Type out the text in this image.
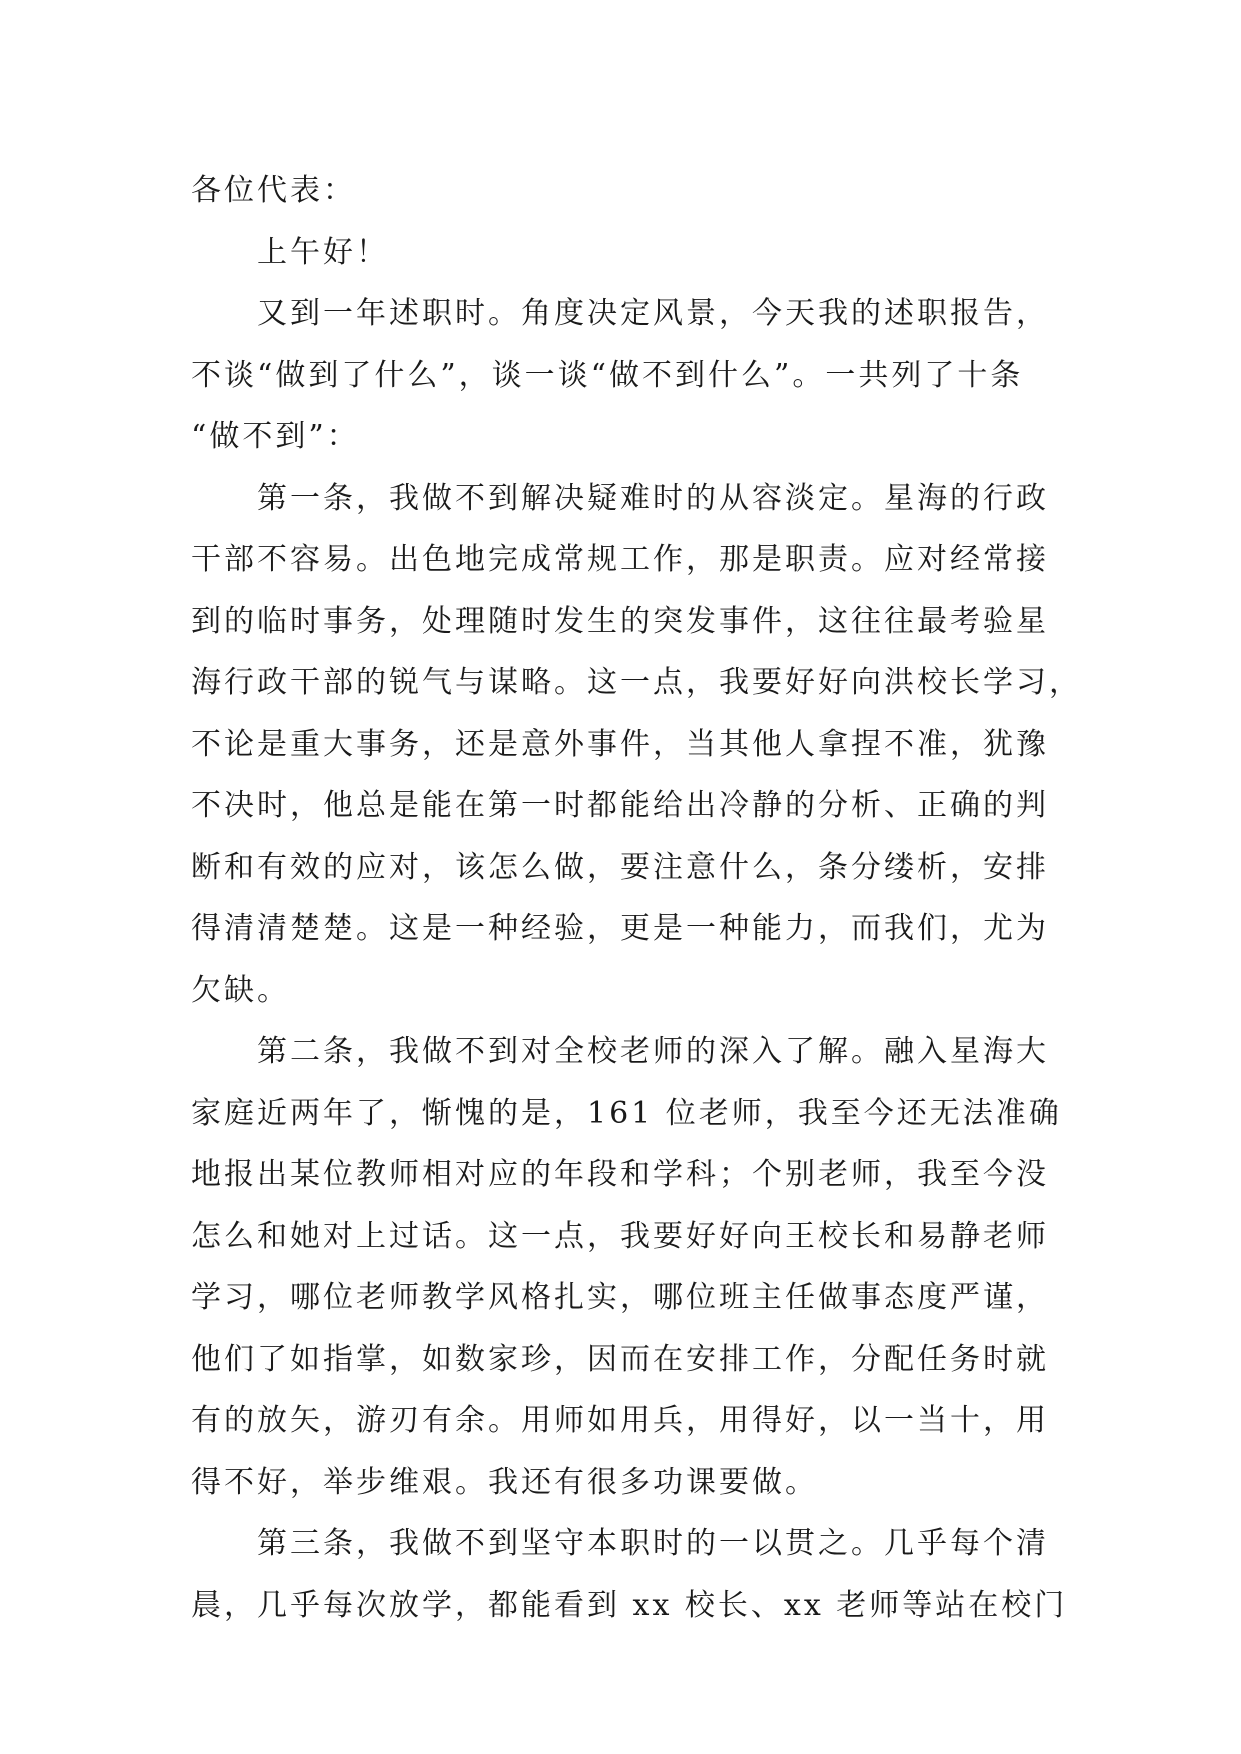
各位代表：
上午好！
又到一年述职时。角度决定风景，今天我的述职报告，
不谈“做到了什么”，谈一谈“做不到什么”。一共列了十条
“做不到”：
第一条，我做不到解决疑难时的从容淡定。星海的行政
干部不容易。出色地完成常规工作，那是职责。应对经常接
到的临时事务，处理随时发生的突发事件，这往往最考验星
海行政干部的锐气与谋略。这一点，我要好好向洪校长学习，
不论是重大事务，还是意外事件，当其他人拿捏不准，犹豫
不决时，他总是能在第一时都能给出冷静的分析、正确的判
断和有效的应对，该怎么做，要注意什么，条分缕析，安排
得清清楚楚。这是一种经验，更是一种能力，而我们，尤为
欠缺。
第二条，我做不到对全校老师的深入了解。融入星海大
家庭近两年了，惭愧的是，161 位老师，我至今还无法准确
地报出某位教师相对应的年段和学科；个别老师，我至今没
怎么和她对上过话。这一点，我要好好向王校长和易静老师
学习，哪位老师教学风格扎实，哪位班主任做事态度严谨，
他们了如指掌，如数家珍，因而在安排工作，分配任务时就
有的放矢，游刃有余。用师如用兵，用得好，以一当十，用
得不好，举步维艰。我还有很多功课要做。
第三条，我做不到坚守本职时的一以贯之。几乎每个清
晨，几乎每次放学，都能看到 xx 校长、xx 老师等站在校门
